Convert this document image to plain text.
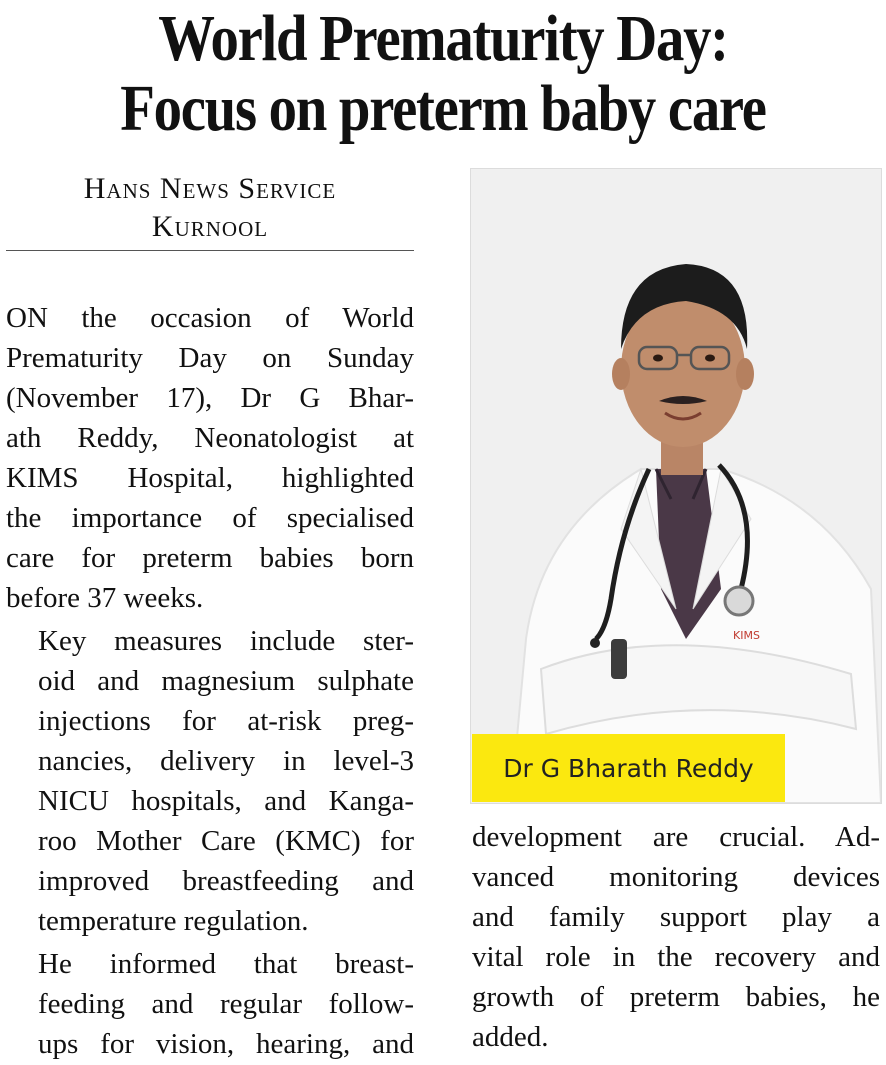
World Prematurity Day:
Focus on preterm baby care
Hans News Service
Kurnool

ON the occasion of World
Prematurity Day on Sunday
(November 17), Dr G Bhar-
ath Reddy, Neonatologist at
KIMS Hospital, highlighted
the importance of specialised
care for preterm babies born
before 37 weeks.

Key measures include ster-
oid and magnesium sulphate
injections for at-risk preg-
nancies, delivery in level-3
NICU hospitals, and Kanga-
roo Mother Care (KMC) for
improved breastfeeding and
temperature regulation.

He informed that breast-
feeding and regular follow-
ups for vision, hearing, and

KIMS
Dr G Bharath Reddy
development are crucial. Ad-
vanced monitoring devices
and family support play a
vital role in the recovery and
growth of preterm babies, he
added.
